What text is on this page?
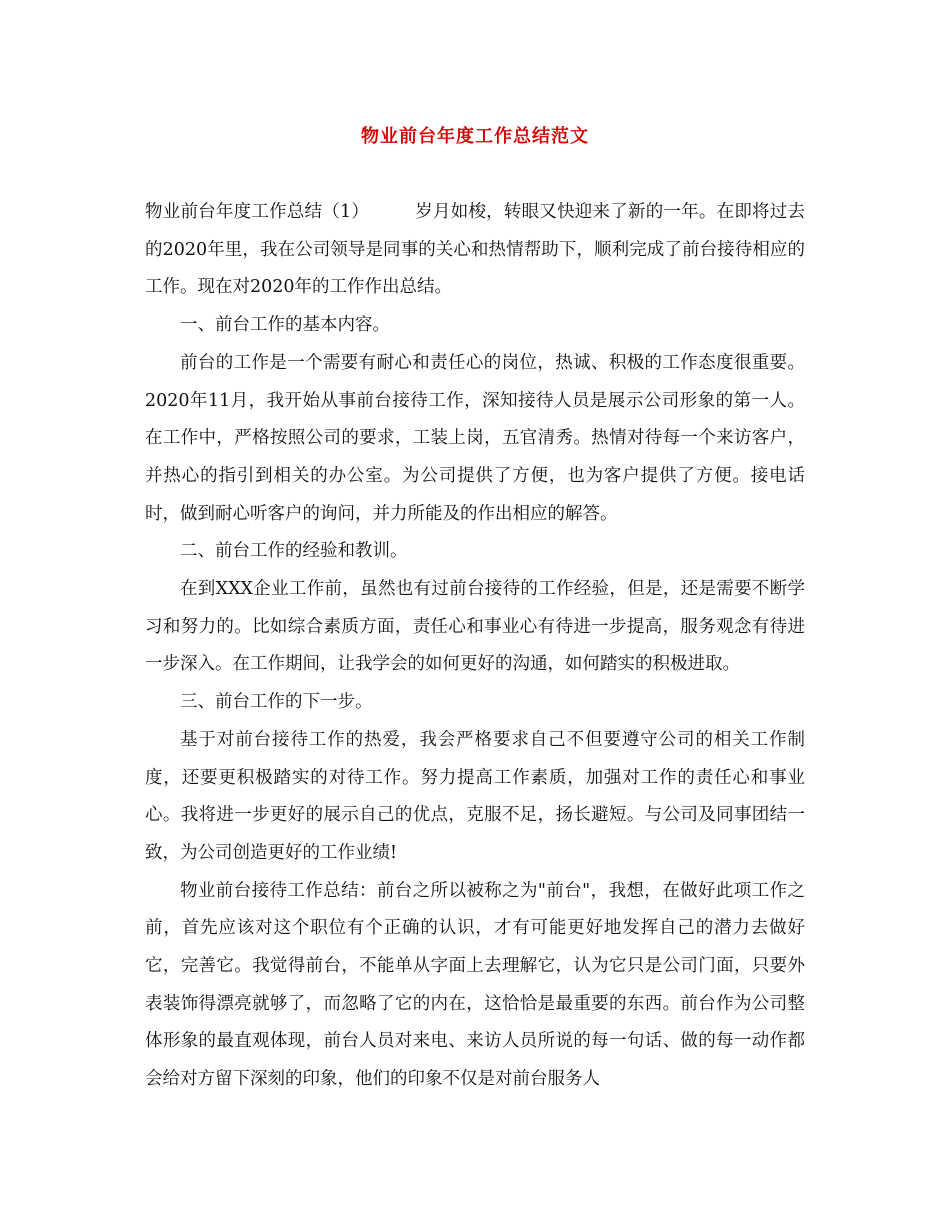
物业前台年度工作总结范文

物业前台年度工作总结（1）	岁月如梭，转眼又快迎来了新的一年。在即将过去的2020年里，我在公司领导是同事的关心和热情帮助下，顺利完成了前台接待相应的工作。现在对2020年的工作作出总结。

一、前台工作的基本内容。

前台的工作是一个需要有耐心和责任心的岗位，热诚、积极的工作态度很重要。2020年11月，我开始从事前台接待工作，深知接待人员是展示公司形象的第一人。在工作中，严格按照公司的要求，工装上岗，五官清秀。热情对待每一个来访客户，并热心的指引到相关的办公室。为公司提供了方便，也为客户提供了方便。接电话时，做到耐心听客户的询问，并力所能及的作出相应的解答。

二、前台工作的经验和教训。

在到XXX企业工作前，虽然也有过前台接待的工作经验，但是，还是需要不断学习和努力的。比如综合素质方面，责任心和事业心有待进一步提高，服务观念有待进一步深入。在工作期间，让我学会的如何更好的沟通，如何踏实的积极进取。

三、前台工作的下一步。

基于对前台接待工作的热爱，我会严格要求自己不但要遵守公司的相关工作制度，还要更积极踏实的对待工作。努力提高工作素质，加强对工作的责任心和事业心。我将进一步更好的展示自己的优点，克服不足，扬长避短。与公司及同事团结一致，为公司创造更好的工作业绩!

物业前台接待工作总结：前台之所以被称之为"前台"，我想，在做好此项工作之前，首先应该对这个职位有个正确的认识，才有可能更好地发挥自己的潜力去做好它，完善它。我觉得前台，不能单从字面上去理解它，认为它只是公司门面，只要外表装饰得漂亮就够了，而忽略了它的内在，这恰恰是最重要的东西。前台作为公司整体形象的最直观体现，前台人员对来电、来访人员所说的每一句话、做的每一动作都会给对方留下深刻的印象，他们的印象不仅是对前台服务人
